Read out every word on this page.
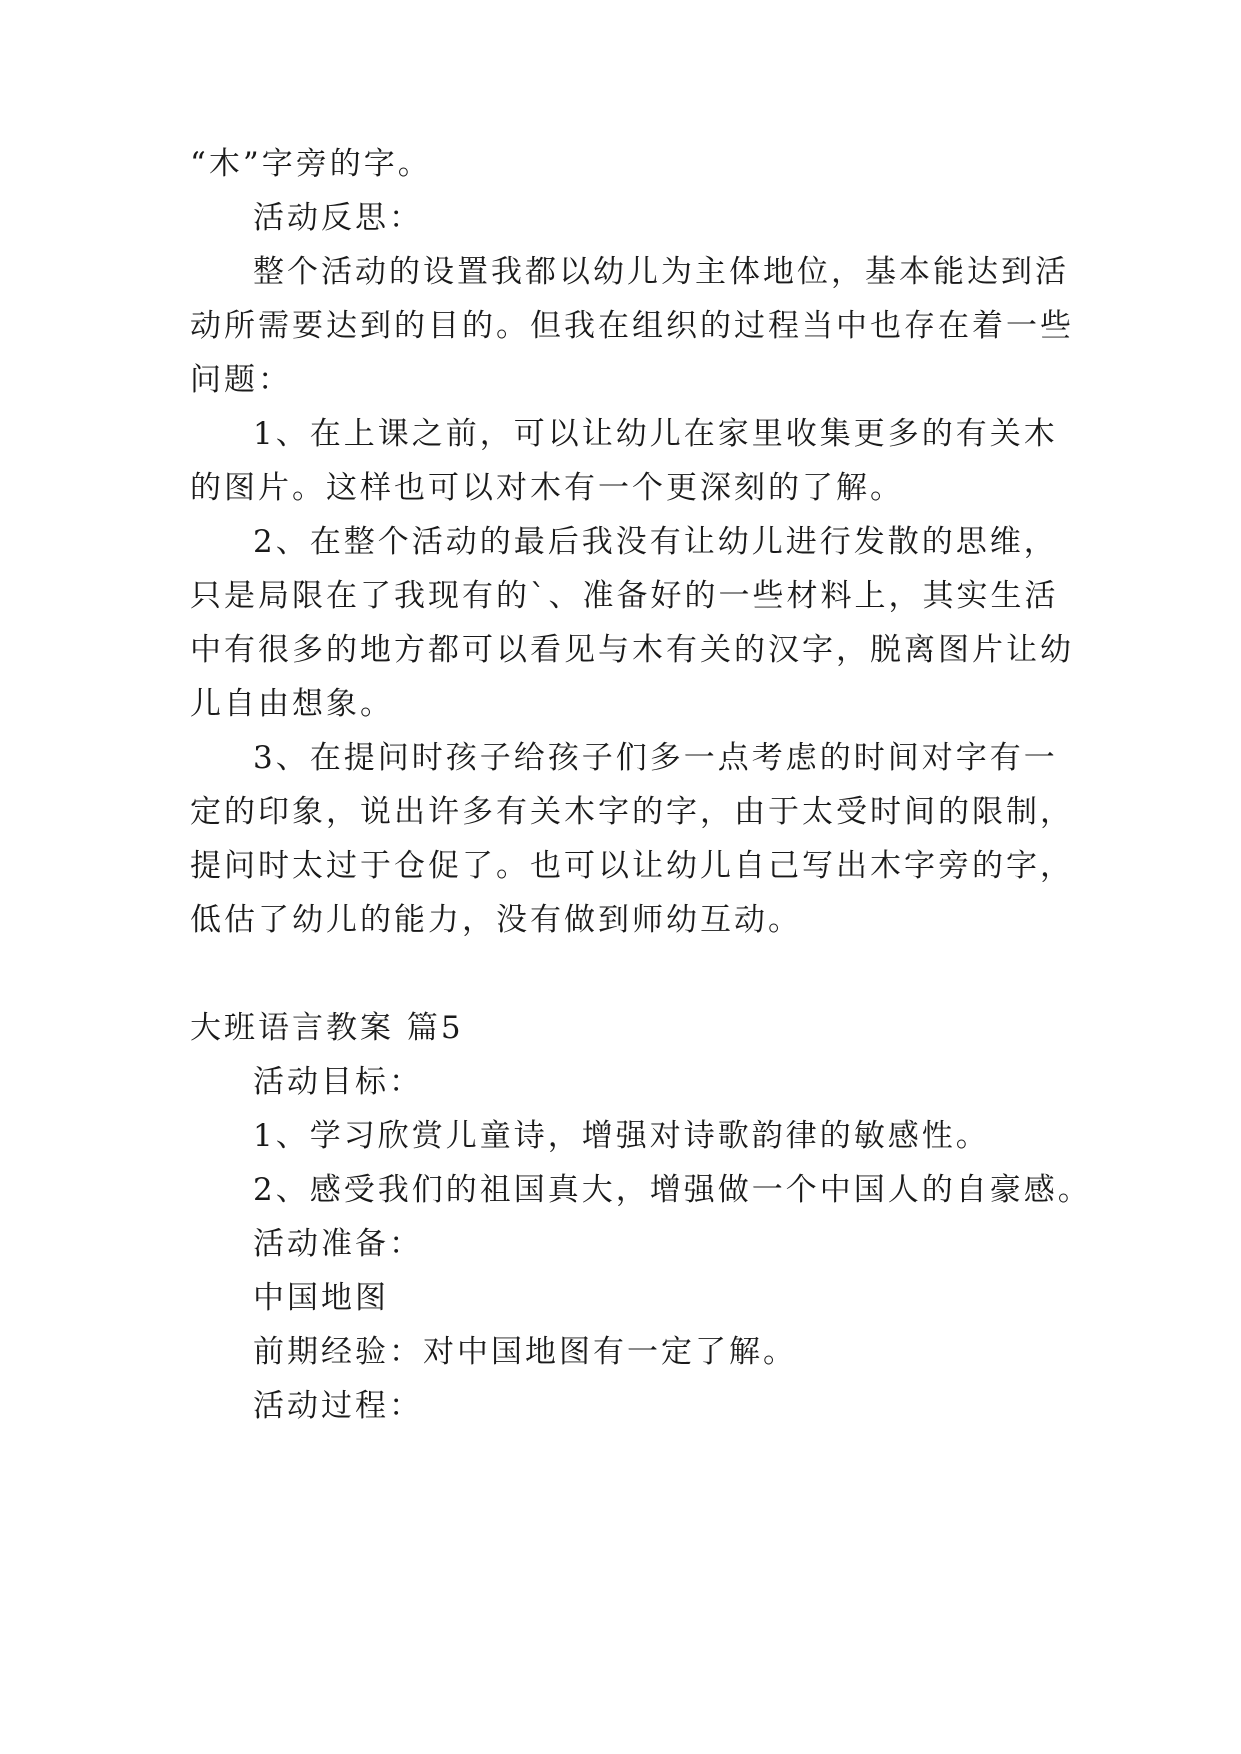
“木”字旁的字。
活动反思：
整个活动的设置我都以幼儿为主体地位，基本能达到活
动所需要达到的目的。但我在组织的过程当中也存在着一些
问题：
1、在上课之前，可以让幼儿在家里收集更多的有关木
的图片。这样也可以对木有一个更深刻的了解。
2、在整个活动的最后我没有让幼儿进行发散的思维，
只是局限在了我现有的`、准备好的一些材料上，其实生活
中有很多的地方都可以看见与木有关的汉字，脱离图片让幼
儿自由想象。
3、在提问时孩子给孩子们多一点考虑的时间对字有一
定的印象，说出许多有关木字的字，由于太受时间的限制，
提问时太过于仓促了。也可以让幼儿自己写出木字旁的字，
低估了幼儿的能力，没有做到师幼互动。
大班语言教案 篇5
活动目标：
1、学习欣赏儿童诗，增强对诗歌韵律的敏感性。
2、感受我们的祖国真大，增强做一个中国人的自豪感。
活动准备：
中国地图
前期经验：对中国地图有一定了解。
活动过程：
